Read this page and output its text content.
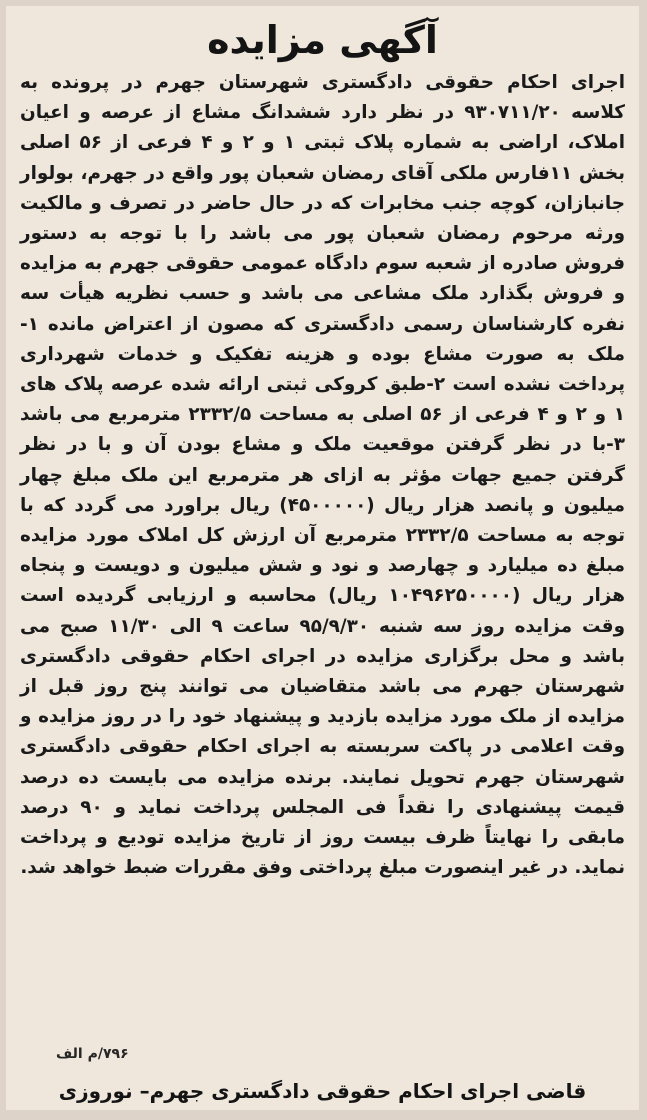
آگهی مزایده

اجرای احکام حقوقی دادگستری شهرستان جهرم در پرونده به کلاسه ۹۳۰۷۱۱/۲۰ در نظر دارد ششدانگ مشاع از عرصه و اعیان املاک، اراضی به شماره پلاک ثبتی ۱ و ۲ و ۴ فرعی از ۵۶ اصلی بخش ۱۱فارس ملکی آقای رمضان شعبان پور واقع در جهرم، بولوار جانبازان، کوچه جنب مخابرات که در حال حاضر در تصرف و مالکیت ورثه مرحوم رمضان شعبان پور می باشد را با توجه به دستور فروش صادره از شعبه سوم دادگاه عمومی حقوقی جهرم به مزایده و فروش بگذارد ملک مشاعی می باشد و حسب نظریه هیأت سه نفره کارشناسان رسمی دادگستری که مصون از اعتراض مانده ۱-ملک به صورت مشاع بوده و هزینه تفکیک و خدمات شهرداری پرداخت نشده است ۲-طبق کروکی ثبتی ارائه شده عرصه پلاک های ۱ و ۲ و ۴ فرعی از ۵۶ اصلی به مساحت ۲۳۳۲/۵ مترمربع می باشد ۳-با در نظر گرفتن موقعیت ملک و مشاع بودن آن و با در نظر گرفتن جمیع جهات مؤثر به ازای هر مترمربع این ملک مبلغ چهار میلیون و پانصد هزار ریال (۴۵۰۰۰۰۰) ریال براورد می گردد که با توجه به مساحت ۲۳۳۲/۵ مترمربع آن ارزش کل املاک مورد مزایده مبلغ ده میلیارد و چهارصد و نود و شش میلیون و دویست و پنجاه هزار ریال (۱۰۴۹۶۲۵۰۰۰۰ ریال) محاسبه و ارزیابی گردیده است وقت مزایده روز سه شنبه ۹۵/۹/۳۰ ساعت ۹ الی ۱۱/۳۰ صبح می باشد و محل برگزاری مزایده در اجرای احکام حقوقی دادگستری شهرستان جهرم می باشد متقاضیان می توانند پنج روز قبل از مزایده از ملک مورد مزایده بازدید و پیشنهاد خود را در روز مزایده و وقت اعلامی در پاکت سربسته به اجرای احکام حقوقی دادگستری شهرستان جهرم تحویل نمایند. برنده مزایده می بایست ده درصد قیمت پیشنهادی را نقداً فی المجلس پرداخت نماید و ۹۰ درصد مابقی را نهایتاً ظرف بیست روز از تاریخ مزایده تودیع و پرداخت نماید. در غیر اینصورت مبلغ پرداختی وفق مقررات ضبط خواهد شد.

۷۹۶/م الف
قاضی اجرای احکام حقوقی دادگستری جهرم– نوروزی
